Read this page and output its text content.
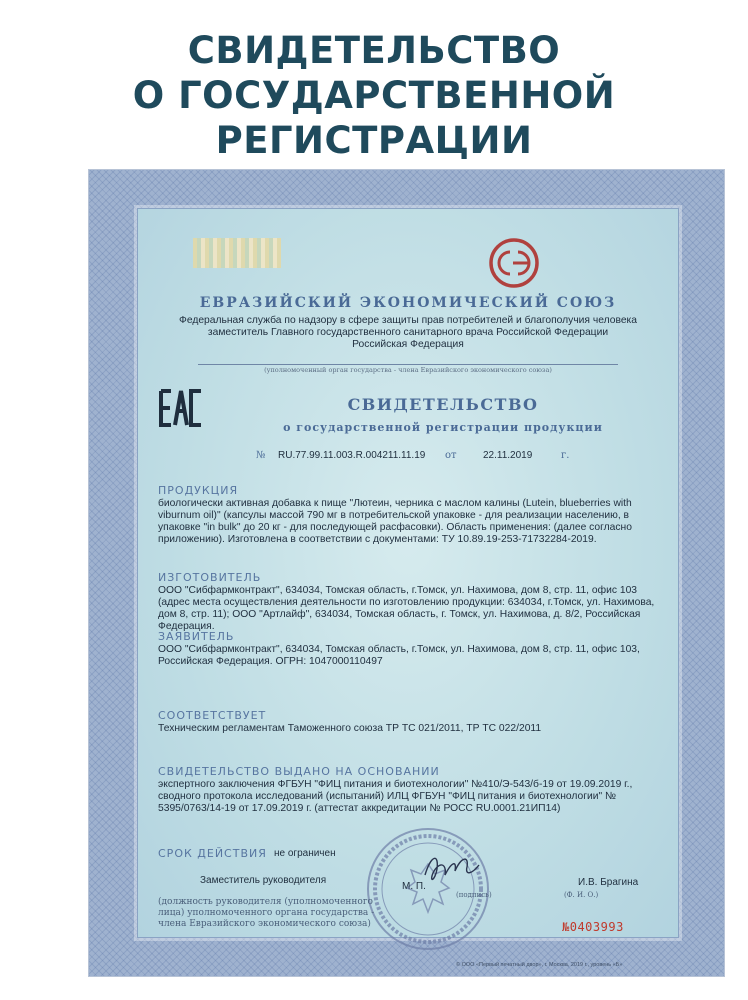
СВИДЕТЕЛЬСТВО
О ГОСУДАРСТВЕННОЙ
РЕГИСТРАЦИИ
ЕВРАЗИЙСКИЙ ЭКОНОМИЧЕСКИЙ СОЮЗ
Федеральная служба по надзору в сфере защиты прав потребителей и благополучия человека
заместитель Главного государственного санитарного врача Российской Федерации
Российская Федерация
(уполномоченный орган государства - члена Евразийского экономического союза)
СВИДЕТЕЛЬСТВО
о государственной регистрации продукции
№ RU.77.99.11.003.R.004211.11.19 от	22.11.2019	г.
ПРОДУКЦИЯ
биологически активная добавка к пище "Лютеин, черника с маслом калины (Lutein, blueberries with viburnum oil)" (капсулы массой 790 мг в потребительской упаковке - для реализации населению, в упаковке "in bulk" до 20 кг - для последующей расфасовки). Область применения: (далее согласно приложению). Изготовлена в соответствии с документами: ТУ 10.89.19-253-71732284-2019.
ИЗГОТОВИТЕЛЬ
ООО "Сибфармконтракт", 634034, Томская область, г.Томск, ул. Нахимова, дом 8, стр. 11, офис 103 (адрес места осуществления деятельности по изготовлению продукции: 634034, г.Томск, ул. Нахимова, дом 8, стр. 11); ООО "Артлайф", 634034, Томская область, г. Томск, ул. Нахимова, д. 8/2, Российская Федерация.
ЗАЯВИТЕЛЬ
ООО "Сибфармконтракт", 634034, Томская область, г.Томск, ул. Нахимова, дом 8, стр. 11, офис 103, Российская Федерация. ОГРН: 1047000110497
СООТВЕТСТВУЕТ
Техническим регламентам Таможенного союза ТР ТС 021/2011, ТР ТС 022/2011
СВИДЕТЕЛЬСТВО ВЫДАНО НА ОСНОВАНИИ
экспертного заключения ФГБУН "ФИЦ питания и биотехнологии" №410/Э-543/б-19 от 19.09.2019 г., сводного протокола исследований (испытаний) ИЛЦ ФГБУН "ФИЦ питания и биотехнологии" № 5395/0763/14-19 от 17.09.2019 г. (аттестат аккредитации № РОСС RU.0001.21ИП14)
СРОК ДЕЙСТВИЯ не ограничен
Заместитель руководителя
М. П.	И.В. Брагина
(подпись)	(Ф. И. О.)
(должность руководителя (уполномоченного лица) уполномоченного органа государства - члена Евразийского экономического союза)	№0403993
© ООО «Первый печатный двор», г. Москва, 2019 г., уровень «Б»
